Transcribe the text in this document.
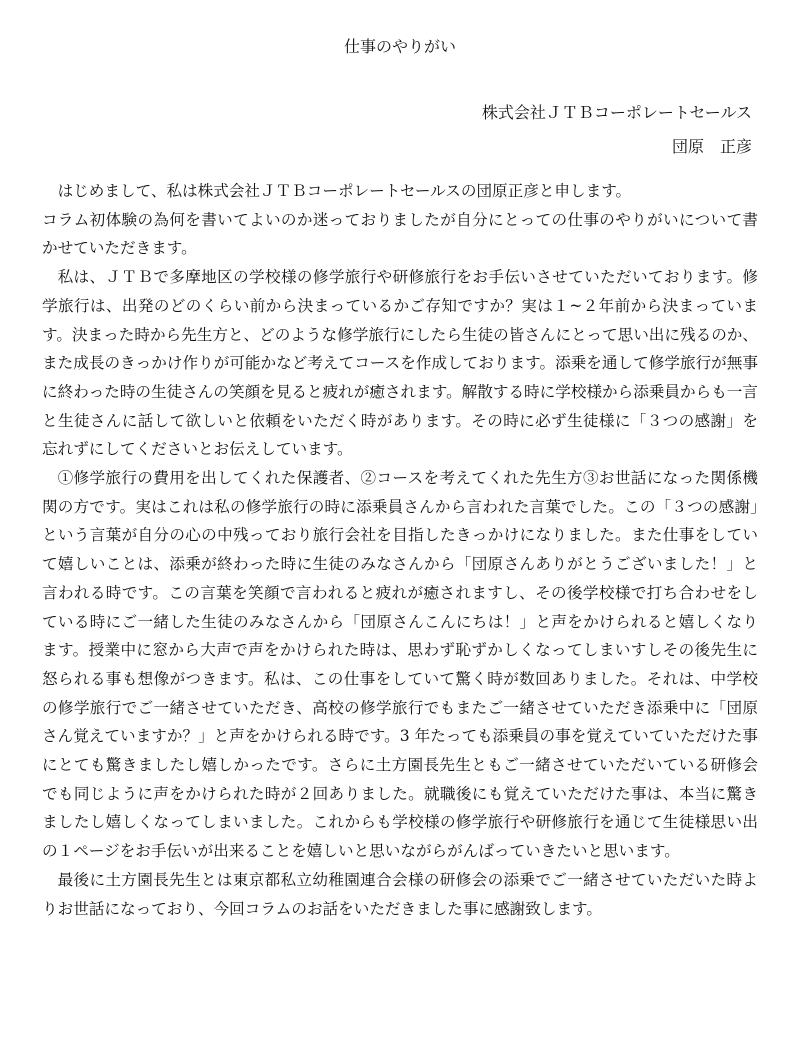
仕事のやりがい
株式会社ＪＴＢコーポレートセールス
団原　正彦

はじめまして、私は株式会社ＪＴＢコーポレートセールスの団原正彦と申します。

コラム初体験の為何を書いてよいのか迷っておりましたが自分にとっての仕事のやりがいについて書かせていただきます。

私は、ＪＴＢで多摩地区の学校様の修学旅行や研修旅行をお手伝いさせていただいております。修学旅行は、出発のどのくらい前から決まっているかご存知ですか？実は１~２年前から決まっています。決まった時から先生方と、どのような修学旅行にしたら生徒の皆さんにとって思い出に残るのか、また成長のきっかけ作りが可能かなど考えてコースを作成しております。添乗を通して修学旅行が無事に終わった時の生徒さんの笑顔を見ると疲れが癒されます。解散する時に学校様から添乗員からも一言と生徒さんに話して欲しいと依頼をいただく時があります。その時に必ず生徒様に「３つの感謝」を忘れずにしてくださいとお伝えしています。

①修学旅行の費用を出してくれた保護者、②コースを考えてくれた先生方③お世話になった関係機関の方です。実はこれは私の修学旅行の時に添乗員さんから言われた言葉でした。この「３つの感謝」という言葉が自分の心の中残っており旅行会社を目指したきっかけになりました。また仕事をしていて嬉しいことは、添乗が終わった時に生徒のみなさんから「団原さんありがとうございました！」と言われる時です。この言葉を笑顔で言われると疲れが癒されますし、その後学校様で打ち合わせをしている時にご一緒した生徒のみなさんから「団原さんこんにちは！」と声をかけられると嬉しくなります。授業中に窓から大声で声をかけられた時は、思わず恥ずかしくなってしまいすしその後先生に怒られる事も想像がつきます。私は、この仕事をしていて驚く時が数回ありました。それは、中学校の修学旅行でご一緒させていただき、高校の修学旅行でもまたご一緒させていただき添乗中に「団原さん覚えていますか？」と声をかけられる時です。3 年たっても添乗員の事を覚えていていただけた事にとても驚きましたし嬉しかったです。さらに土方園長先生ともご一緒させていただいている研修会でも同じように声をかけられた時が２回ありました。就職後にも覚えていただけた事は、本当に驚きましたし嬉しくなってしまいました。これからも学校様の修学旅行や研修旅行を通じて生徒様思い出の１ページをお手伝いが出来ることを嬉しいと思いながらがんばっていきたいと思います。

最後に土方園長先生とは東京都私立幼稚園連合会様の研修会の添乗でご一緒させていただいた時よりお世話になっており、今回コラムのお話をいただきました事に感謝致します。
